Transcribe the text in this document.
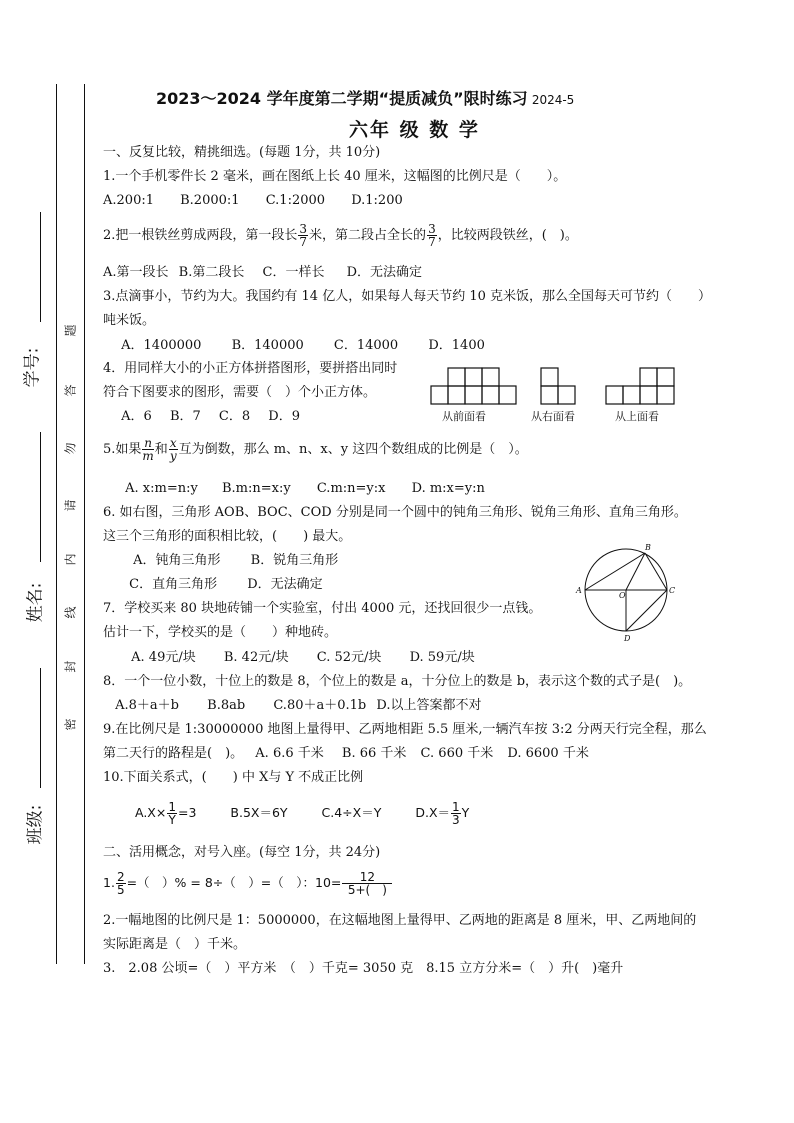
学号:
姓名:
班级:
题
答
勿
请
内
线
封
密
2023～2024 学年度第二学期“提质减负”限时练习 2024-5
六年 级 数 学
一、反复比较，精挑细选。(每题 1分，共 10分)
1.一个手机零件长 2 毫米，画在图纸上长 40 厘米，这幅图的比例尺是（　　）。
A.200:1 B.2000:1 C.1:2000 D.1:200
2.把一根铁丝剪成两段，第一段长 $\frac{3}{7}$ 米，第二段占全长的 $\frac{3}{7}$ ，比较两段铁丝，(　)。
A.第一段长 B.第二段长 C．一样长 D．无法确定
3.点滴事小，节约为大。我国约有 14 亿人，如果每人每天节约 10 克米饭，那么全国每天可节约（　　）
吨米饭。
A．1400000 B．140000 C．14000 D．1400
4．用同样大小的小正方体拼搭图形，要拼搭出同时
符合下图要求的图形，需要（　）个小正方体。
A．6 B．7 C．8 D．9	从前面看	从右面看	从上面看
5.如果 $\frac{n}{m}$ 和 $\frac{x}{y}$ 互为倒数，那么 m、n、x、y 这四个数组成的比例是（　）。
A. x:m=n:y B.m:n=x:y C.m:n=y:x D. m:x=y:n
6. 如右图，三角形 AOB、BOC、COD 分别是同一个圆中的钝角三角形、锐角三角形、直角三角形。
这三个三角形的面积相比较，(　　) 最大。
A．钝角三角形 B．锐角三角形
C．直角三角形 D．无法确定	A
B
O
C
D
7．学校买来 80 块地砖铺一个实验室，付出 4000 元，还找回很少一点钱。
估计一下，学校买的是（　　）种地砖。
A. 49元/块 B. 42元/块 C. 52元/块 D. 59元/块
8．一个一位小数，十位上的数是 8，个位上的数是 a，十分位上的数是 b，表示这个数的式子是(　)。
A.8＋a＋b B.8ab C.80＋a＋0.1b D.以上答案都不对
9.在比例尺是 1:30000000 地图上量得甲、乙两地相距 5.5 厘米,一辆汽车按 3:2 分两天行完全程，那么
第二天行的路程是(　)。 A. 6.6 千米 B. 66 千米 C. 660 千米 D. 6600 千米
10.下面关系式，(　　) 中 X与 Y 不成正比例
$A.X\times \frac{1}{Y} =3$	B.5X＝6Y	C.4÷X＝Y	$D.X= \frac{1}{3}$ Y
二、活用概念，对号入座。(每空 1分，共 24分)
1. $\frac{2}{5}$ =（　）% = 8÷（　）=（　）：$10= \frac{12}{5+( )}$
2.一幅地图的比例尺是 1：5000000，在这幅地图上量得甲、乙两地的距离是 8 厘米，甲、乙两地间的
实际距离是（　）千米。
3.　2.08 公顷=（　）平方米　（　）千克= 3050 克　8.15 立方分米=（　）升(　)毫升
